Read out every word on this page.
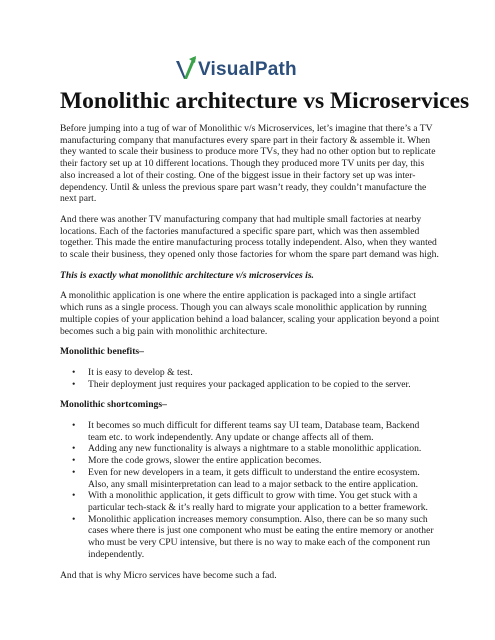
VisualPath
Monolithic architecture vs Microservices

Before jumping into a tug of war of Monolithic v/s Microservices, let’s imagine that there’s a TV manufacturing company that manufactures every spare part in their factory & assemble it. When they wanted to scale their business to produce more TVs, they had no other option but to replicate their factory set up at 10 different locations. Though they produced more TV units per day, this also increased a lot of their costing. One of the biggest issue in their factory set up was inter-dependency. Until & unless the previous spare part wasn’t ready, they couldn’t manufacture the next part.

And there was another TV manufacturing company that had multiple small factories at nearby locations. Each of the factories manufactured a specific spare part, which was then assembled together. This made the entire manufacturing process totally independent. Also, when they wanted to scale their business, they opened only those factories for whom the spare part demand was high.

This is exactly what monolithic architecture v/s microservices is.

A monolithic application is one where the entire application is packaged into a single artifact which runs as a single process. Though you can always scale monolithic application by running multiple copies of your application behind a load balancer, scaling your application beyond a point becomes such a big pain with monolithic architecture.

Monolithic benefits–

• It is easy to develop & test.
• Their deployment just requires your packaged application to be copied to the server.

Monolithic shortcomings–

• It becomes so much difficult for different teams say UI team, Database team, Backend team etc. to work independently. Any update or change affects all of them.
• Adding any new functionality is always a nightmare to a stable monolithic application.
• More the code grows, slower the entire application becomes.
• Even for new developers in a team, it gets difficult to understand the entire ecosystem. Also, any small misinterpretation can lead to a major setback to the entire application.
• With a monolithic application, it gets difficult to grow with time. You get stuck with a particular tech-stack & it’s really hard to migrate your application to a better framework.
• Monolithic application increases memory consumption. Also, there can be so many such cases where there is just one component who must be eating the entire memory or another who must be very CPU intensive, but there is no way to make each of the component run independently.

And that is why Micro services have become such a fad.
